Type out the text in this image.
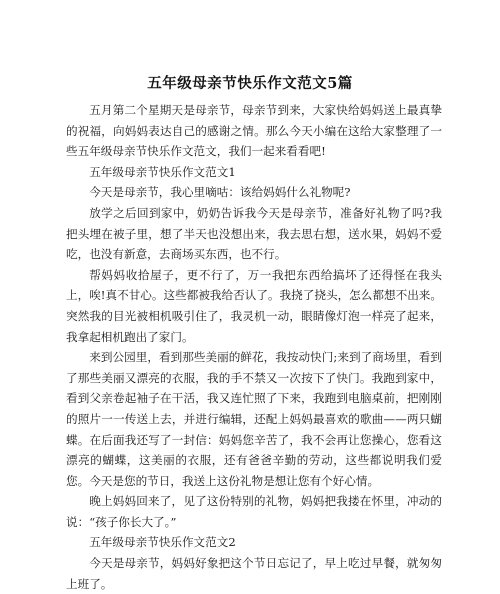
五年级母亲节快乐作文范文5篇

五月第二个星期天是母亲节，母亲节到来，大家快给妈妈送上最真挚的祝福，向妈妈表达自己的感谢之情。那么今天小编在这给大家整理了一些五年级母亲节快乐作文范文，我们一起来看看吧!

五年级母亲节快乐作文范文1

今天是母亲节，我心里嘀咕：该给妈妈什么礼物呢?

放学之后回到家中，奶奶告诉我今天是母亲节，准备好礼物了吗?我把头埋在被子里，想了半天也没想出来，我去思右想，送水果，妈妈不爱吃，也没有新意，去商场买东西，也不行。

帮妈妈收拾屋子，更不行了，万一我把东西给搞坏了还得怪在我头上，唉!真不甘心。这些都被我给否认了。我挠了挠头，怎么都想不出来。突然我的目光被相机吸引住了，我灵机一动，眼睛像灯泡一样亮了起来，我拿起相机跑出了家门。

来到公园里，看到那些美丽的鲜花，我按动快门;来到了商场里，看到了那些美丽又漂亮的衣服，我的手不禁又一次按下了快门。我跑到家中，看到父亲卷起袖子在干活，我又连忙照了下来，我跑到电脑桌前，把刚刚的照片一一传送上去，并进行编辑，还配上妈妈最喜欢的歌曲——两只蝴蝶。在后面我还写了一封信：妈妈您辛苦了，我不会再让您操心，您看这漂亮的蝴蝶，这美丽的衣服，还有爸爸辛勤的劳动，这些都说明我们爱您。今天是您的节日，我送上这份礼物是想让您有个好心情。

晚上妈妈回来了，见了这份特别的礼物，妈妈把我搂在怀里，冲动的说：“孩子你长大了。”

五年级母亲节快乐作文范文2

今天是母亲节，妈妈好象把这个节日忘记了，早上吃过早餐，就匆匆上班了。
